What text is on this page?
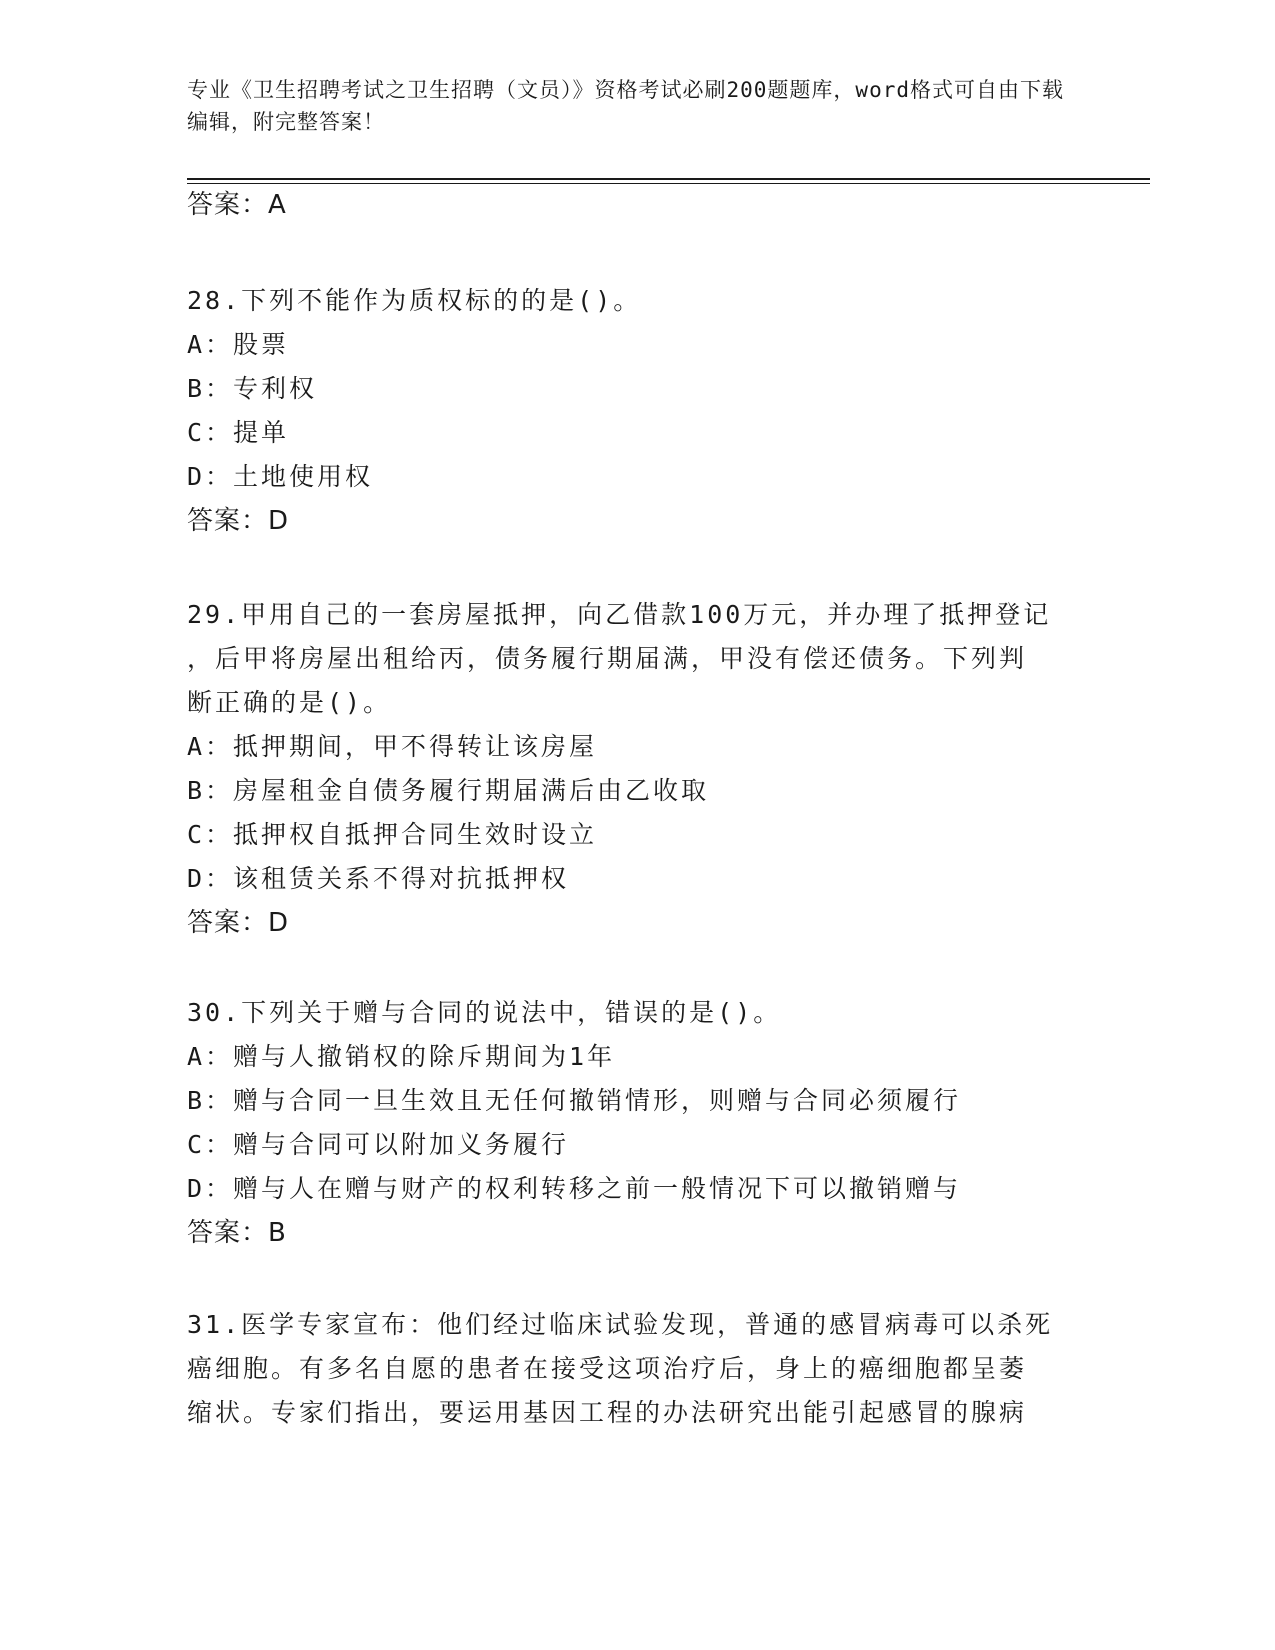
专业《卫生招聘考试之卫生招聘（文员）》资格考试必刷200题题库，word格式可自由下载编辑，附完整答案！
答案：A
28.下列不能作为质权标的的是()。
A：股票
B：专利权
C：提单
D：土地使用权
答案：D
29.甲用自己的一套房屋抵押，向乙借款100万元，并办理了抵押登记
，后甲将房屋出租给丙，债务履行期届满，甲没有偿还债务。下列判
断正确的是()。
A：抵押期间，甲不得转让该房屋
B：房屋租金自债务履行期届满后由乙收取
C：抵押权自抵押合同生效时设立
D：该租赁关系不得对抗抵押权
答案：D
30.下列关于赠与合同的说法中，错误的是()。
A：赠与人撤销权的除斥期间为1年
B：赠与合同一旦生效且无任何撤销情形，则赠与合同必须履行
C：赠与合同可以附加义务履行
D：赠与人在赠与财产的权利转移之前一般情况下可以撤销赠与
答案：B
31.医学专家宣布：他们经过临床试验发现，普通的感冒病毒可以杀死
癌细胞。有多名自愿的患者在接受这项治疗后，身上的癌细胞都呈萎
缩状。专家们指出，要运用基因工程的办法研究出能引起感冒的腺病
